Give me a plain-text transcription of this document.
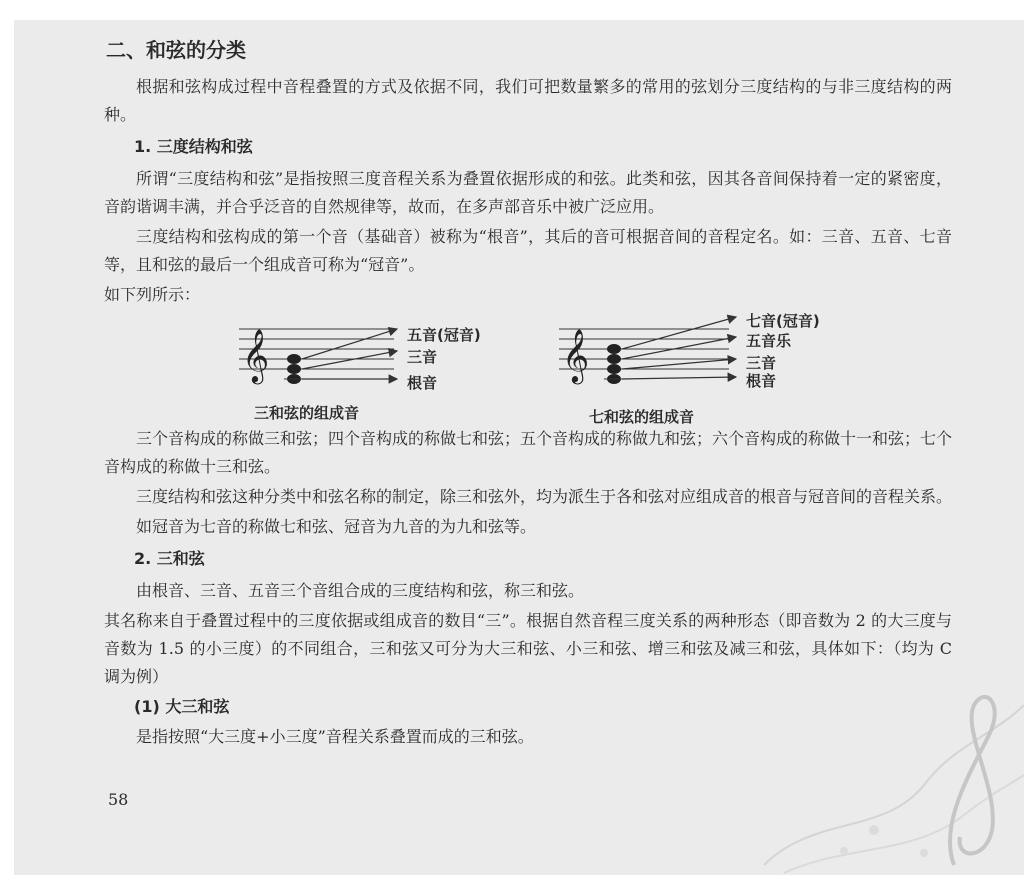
二、和弦的分类

根据和弦构成过程中音程叠置的方式及依据不同，我们可把数量繁多的常用的弦划分三度结构的与非三度结构的两种。

1. 三度结构和弦

所谓“三度结构和弦”是指按照三度音程关系为叠置依据形成的和弦。此类和弦，因其各音间保持着一定的紧密度，音韵谐调丰满，并合乎泛音的自然规律等，故而，在多声部音乐中被广泛应用。

三度结构和弦构成的第一个音（基础音）被称为“根音”，其后的音可根据音间的音程定名。如：三音、五音、七音等，且和弦的最后一个组成音可称为“冠音”。

如下列所示：

𝄞	𝄞
五音(冠音)
三音
根音
七音(冠音)
五音乐
三音
根音
三和弦的组成音	七和弦的组成音

三个音构成的称做三和弦；四个音构成的称做七和弦；五个音构成的称做九和弦；六个音构成的称做十一和弦；七个音构成的称做十三和弦。

三度结构和弦这种分类中和弦名称的制定，除三和弦外，均为派生于各和弦对应组成音的根音与冠音间的音程关系。

如冠音为七音的称做七和弦、冠音为九音的为九和弦等。

2. 三和弦

由根音、三音、五音三个音组合成的三度结构和弦，称三和弦。

其名称来自于叠置过程中的三度依据或组成音的数目“三”。根据自然音程三度关系的两种形态（即音数为 2 的大三度与音数为 1.5 的小三度）的不同组合，三和弦又可分为大三和弦、小三和弦、增三和弦及减三和弦，具体如下：（均为 C 调为例）

(1) 大三和弦

是指按照“大三度+小三度”音程关系叠置而成的三和弦。

58
